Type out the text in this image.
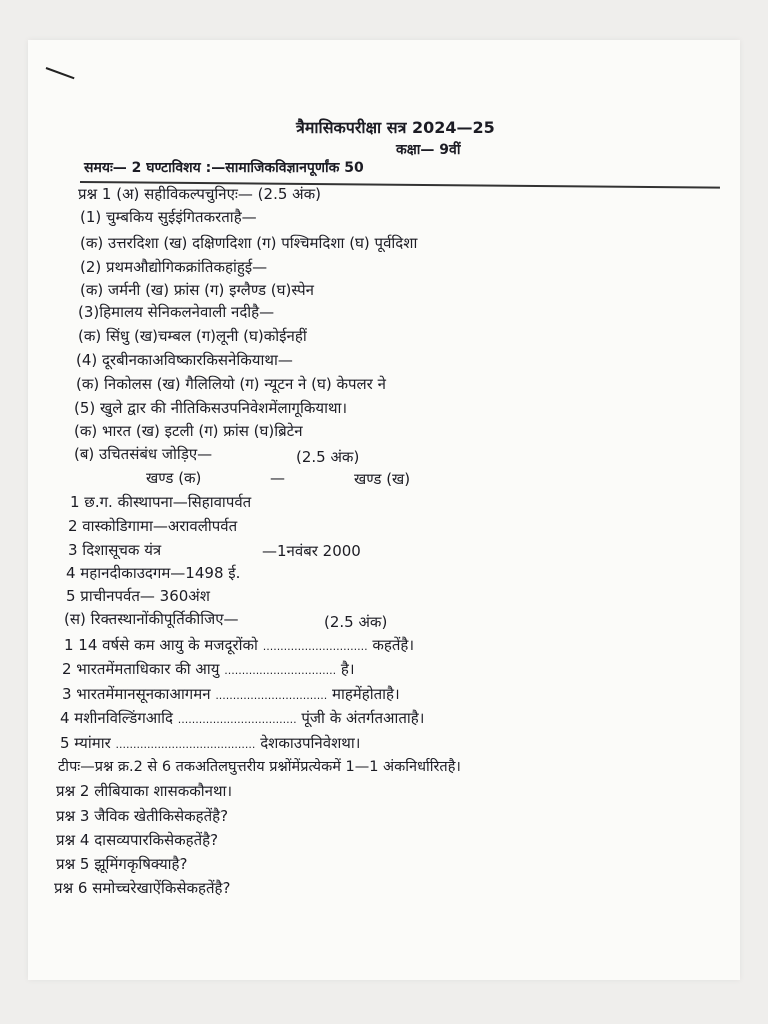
त्रैमासिकपरीक्षा सत्र 2024—25
कक्षा— 9वीं
समयः— 2 घण्टाविशय :—सामाजिकविज्ञानपूर्णांक 50
प्रश्न 1 (अ) सहीविकल्पचुनिएः— (2.5 अंक)
(1) चुम्बकिय सुईइंगितकरताहै—
(क) उत्तरदिशा (ख) दक्षिणदिशा (ग) पश्चिमदिशा (घ) पूर्वदिशा
(2) प्रथमऔद्योगिकक्रांतिकहांहुई—
(क) जर्मनी (ख) फ्रांस (ग) इग्लैण्ड (घ)स्पेन
(3)हिमालय सेनिकलनेवाली नदीहै—
(क) सिंधु (ख)चम्बल (ग)लूनी (घ)कोईनहीं
(4) दूरबीनकाअविष्कारकिसनेकियाथा—
(क) निकोलस (ख) गैलिलियो (ग) न्यूटन ने (घ) केपलर ने
(5) खुले द्वार की नीतिकिसउपनिवेशमेंलागूकियाथा।
(क) भारत (ख) इटली (ग) फ्रांस (घ)ब्रिटेन
(ब) उचितसंबंध जोड़िए—	(2.5 अंक)
खण्ड (क)	—	खण्ड (ख)
1 छ.ग. कीस्थापना—सिहावापर्वत
2 वास्कोडिगामा—अरावलीपर्वत
3 दिशासूचक यंत्र	—1नवंबर 2000
4 महानदीकाउदगम—1498 ई.
5 प्राचीनपर्वत— 360अंश
(स) रिक्तस्थानोंकीपूर्तिकीजिए—	(2.5 अंक)
1 14 वर्षसे कम आयु के मजदूरोंको .............................. कहतेंहै।
2 भारतमेंमताधिकार की आयु ................................ है।
3 भारतमेंमानसूनकाआगमन ................................ माहमेंहोताहै।
4 मशीनविल्डिंगआदि .................................. पूंजी के अंतर्गतआताहै।
5 म्यांमार ........................................ देशकाउपनिवेशथा।
टीपः—प्रश्न क्र.2 से 6 तकअतिलघुत्तरीय प्रश्नोंमेंप्रत्येकमें 1—1 अंकनिर्धारितहै।
प्रश्न 2 लीबियाका शासककौनथा।
प्रश्न 3 जैविक खेतीकिसेकहतेंहै?
प्रश्न 4 दासव्यपारकिसेकहतेंहै?
प्रश्न 5 झूमिंगकृषिक्याहै?
प्रश्न 6 समोच्चरेखाऐंकिसेकहतेंहै?
